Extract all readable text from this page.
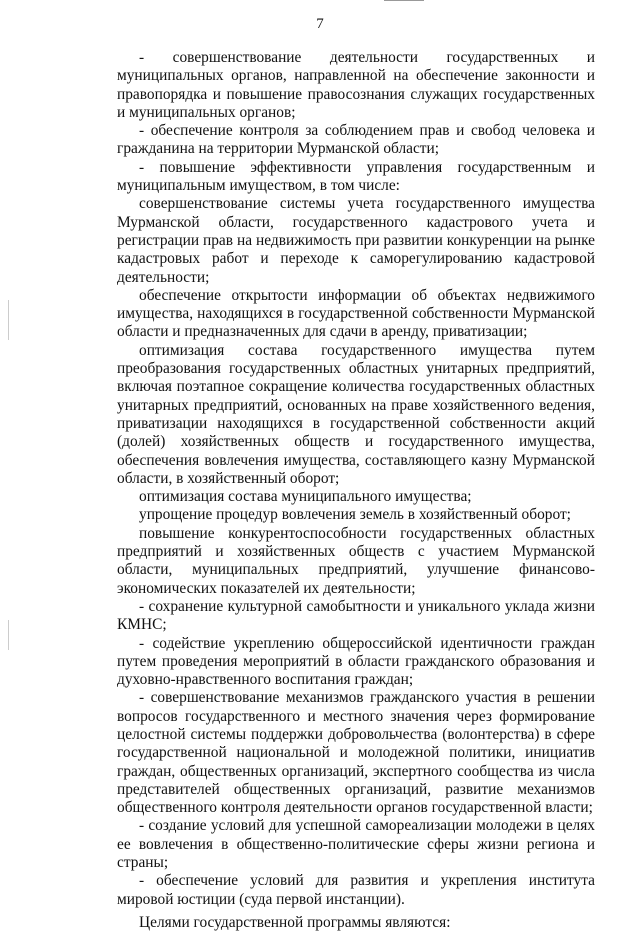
7

- совершенствование деятельности государственных и муниципальных органов, направленной на обеспечение законности и правопорядка и повышение правосознания служащих государственных и муниципальных органов;

- обеспечение контроля за соблюдением прав и свобод человека и гражданина на территории Мурманской области;

- повышение эффективности управления государственным и муниципальным имуществом, в том числе:

совершенствование системы учета государственного имущества Мурманской области, государственного кадастрового учета и регистрации прав на недвижимость при развитии конкуренции на рынке кадастровых работ и переходе к саморегулированию кадастровой деятельности;

обеспечение открытости информации об объектах недвижимого имущества, находящихся в государственной собственности Мурманской области и предназначенных для сдачи в аренду, приватизации;

оптимизация состава государственного имущества путем преобразования государственных областных унитарных предприятий, включая поэтапное сокращение количества государственных областных унитарных предприятий, основанных на праве хозяйственного ведения, приватизации находящихся в государственной собственности акций (долей) хозяйственных обществ и государственного имущества, обеспечения вовлечения имущества, составляющего казну Мурманской области, в хозяйственный оборот;

оптимизация состава муниципального имущества;

упрощение процедур вовлечения земель в хозяйственный оборот;

повышение конкурентоспособности государственных областных предприятий и хозяйственных обществ с участием Мурманской области, муниципальных предприятий, улучшение финансово-экономических показателей их деятельности;

- сохранение культурной самобытности и уникального уклада жизни КМНС;

- содействие укреплению общероссийской идентичности граждан путем проведения мероприятий в области гражданского образования и духовно-нравственного воспитания граждан;

- совершенствование механизмов гражданского участия в решении вопросов государственного и местного значения через формирование целостной системы поддержки добровольчества (волонтерства) в сфере государственной национальной и молодежной политики, инициатив граждан, общественных организаций, экспертного сообщества из числа представителей общественных организаций, развитие механизмов общественного контроля деятельности органов государственной власти;

- создание условий для успешной самореализации молодежи в целях ее вовлечения в общественно-политические сферы жизни региона и страны;

- обеспечение условий для развития и укрепления института мировой юстиции (суда первой инстанции).

Целями государственной программы являются:
